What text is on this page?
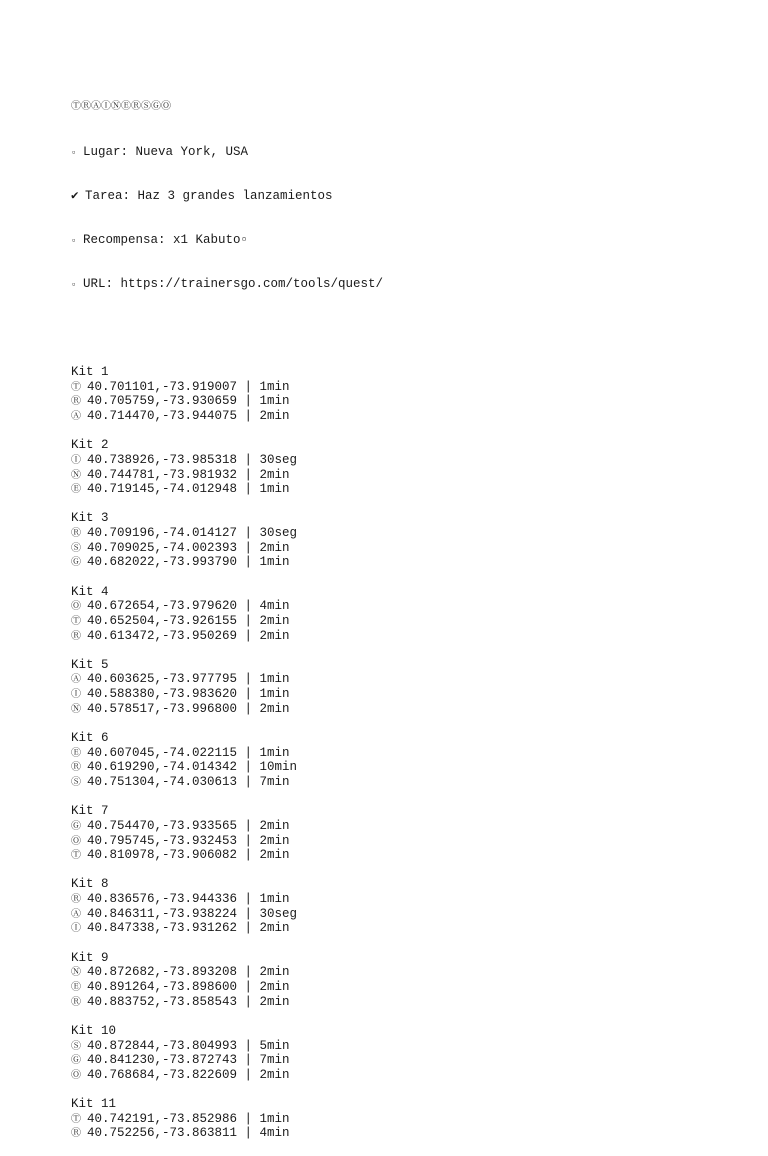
ⓉⓇⒶⒾⓃⒺⓇⓈⒼⓄ

▫ Lugar: Nueva York, USA

✔ Tarea: Haz 3 grandes lanzamientos

▫ Recompensa: x1 Kabuto▫

▫ URL: https://trainersgo.com/tools/quest/

Kit 1
Ⓣ 40.701101,-73.919007 | 1min
Ⓡ 40.705759,-73.930659 | 1min
Ⓐ 40.714470,-73.944075 | 2min
Kit 2
Ⓘ 40.738926,-73.985318 | 30seg
Ⓝ 40.744781,-73.981932 | 2min
Ⓔ 40.719145,-74.012948 | 1min
Kit 3
Ⓡ 40.709196,-74.014127 | 30seg
Ⓢ 40.709025,-74.002393 | 2min
Ⓖ 40.682022,-73.993790 | 1min
Kit 4
Ⓞ 40.672654,-73.979620 | 4min
Ⓣ 40.652504,-73.926155 | 2min
Ⓡ 40.613472,-73.950269 | 2min
Kit 5
Ⓐ 40.603625,-73.977795 | 1min
Ⓘ 40.588380,-73.983620 | 1min
Ⓝ 40.578517,-73.996800 | 2min
Kit 6
Ⓔ 40.607045,-74.022115 | 1min
Ⓡ 40.619290,-74.014342 | 10min
Ⓢ 40.751304,-74.030613 | 7min
Kit 7
Ⓖ 40.754470,-73.933565 | 2min
Ⓞ 40.795745,-73.932453 | 2min
Ⓣ 40.810978,-73.906082 | 2min
Kit 8
Ⓡ 40.836576,-73.944336 | 1min
Ⓐ 40.846311,-73.938224 | 30seg
Ⓘ 40.847338,-73.931262 | 2min
Kit 9
Ⓝ 40.872682,-73.893208 | 2min
Ⓔ 40.891264,-73.898600 | 2min
Ⓡ 40.883752,-73.858543 | 2min
Kit 10
Ⓢ 40.872844,-73.804993 | 5min
Ⓖ 40.841230,-73.872743 | 7min
Ⓞ 40.768684,-73.822609 | 2min
Kit 11
Ⓣ 40.742191,-73.852986 | 1min
Ⓡ 40.752256,-73.863811 | 4min
